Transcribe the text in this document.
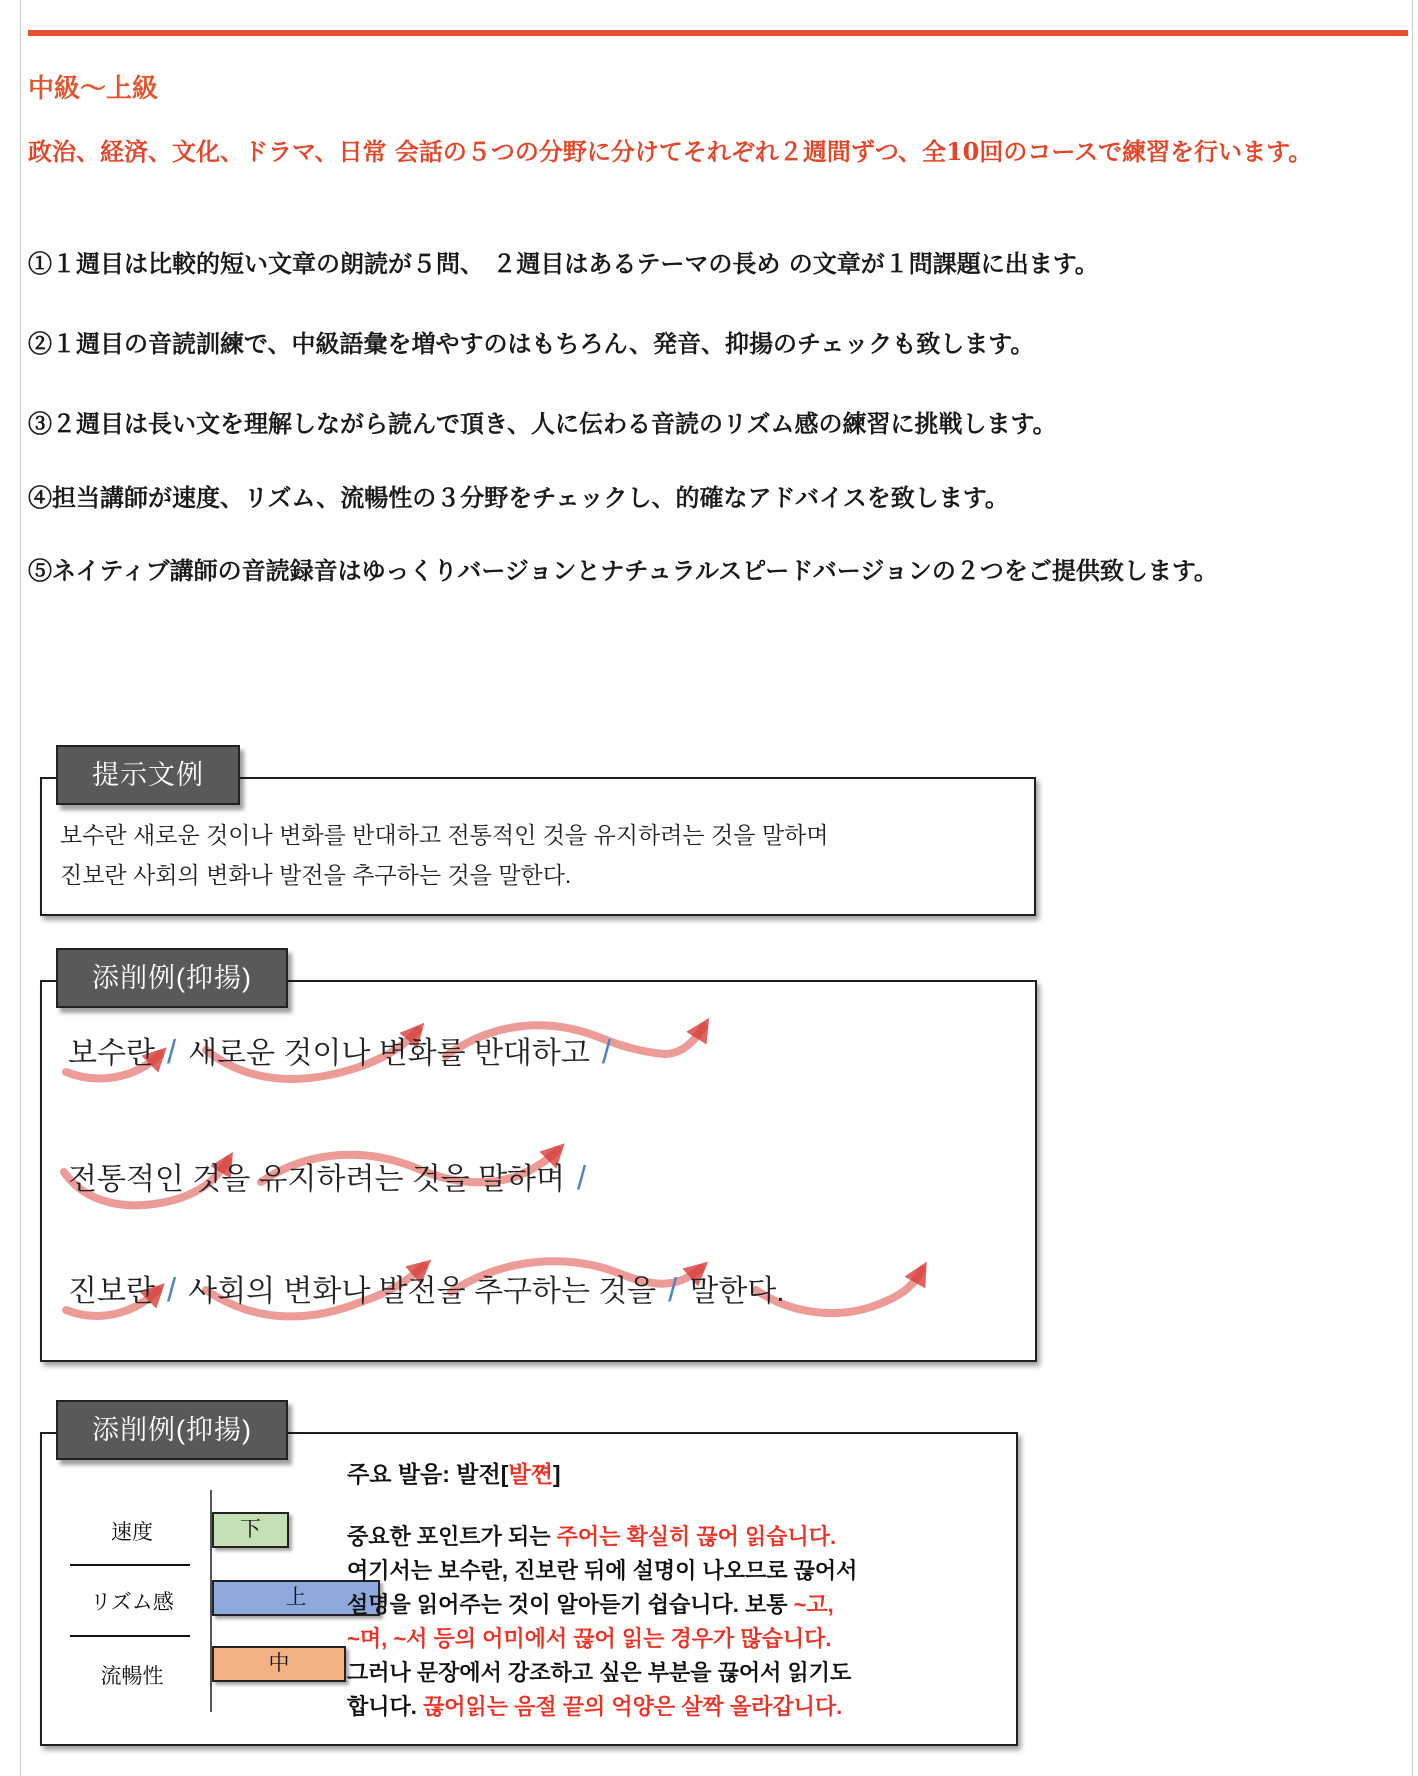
中級〜上級

政治、経済、文化、ドラマ、日常 会話の５つの分野に分けてそれぞれ２週間ずつ、全10回のコースで練習を行います。

①１週目は比較的短い文章の朗読が５問、 ２週目はあるテーマの長め の文章が１問課題に出ます。

②１週目の音読訓練で、中級語彙を増やすのはもちろん、発音、抑揚のチェックも致します。

③２週目は長い文を理解しながら読んで頂き、人に伝わる音読のリズム感の練習に挑戦します。

④担当講師が速度、リズム、流暢性の３分野をチェックし、的確なアドバイスを致します。

⑤ネイティブ講師の音読録音はゆっくりバージョンとナチュラルスピードバージョンの２つをご提供致します。

提示文例
보수란 새로운 것이나 변화를 반대하고 전통적인 것을 유지하려는 것을 말하며
진보란 사회의 변화나 발전을 추구하는 것을 말한다.
添削例(抑揚)
보수란 / 새로운 것이나 변화를 반대하고 /
전통적인 것을 유지하려는 것을 말하며 /
진보란 / 사회의 변화나 발전을 추구하는 것을 / 말한다.
添削例(抑揚)
速度
リズム感
流暢性
下
上
中
주요 발음: 발전[발쪈]
중요한 포인트가 되는 주어는 확실히 끊어 읽습니다.
여기서는 보수란, 진보란 뒤에 설명이 나오므로 끊어서
설명을 읽어주는 것이 알아듣기 쉽습니다. 보통 ~고,
~며, ~서 등의 어미에서 끊어 읽는 경우가 많습니다.
그러나 문장에서 강조하고 싶은 부분을 끊어서 읽기도
합니다. 끊어읽는 음절 끝의 억양은 살짝 올라갑니다.
